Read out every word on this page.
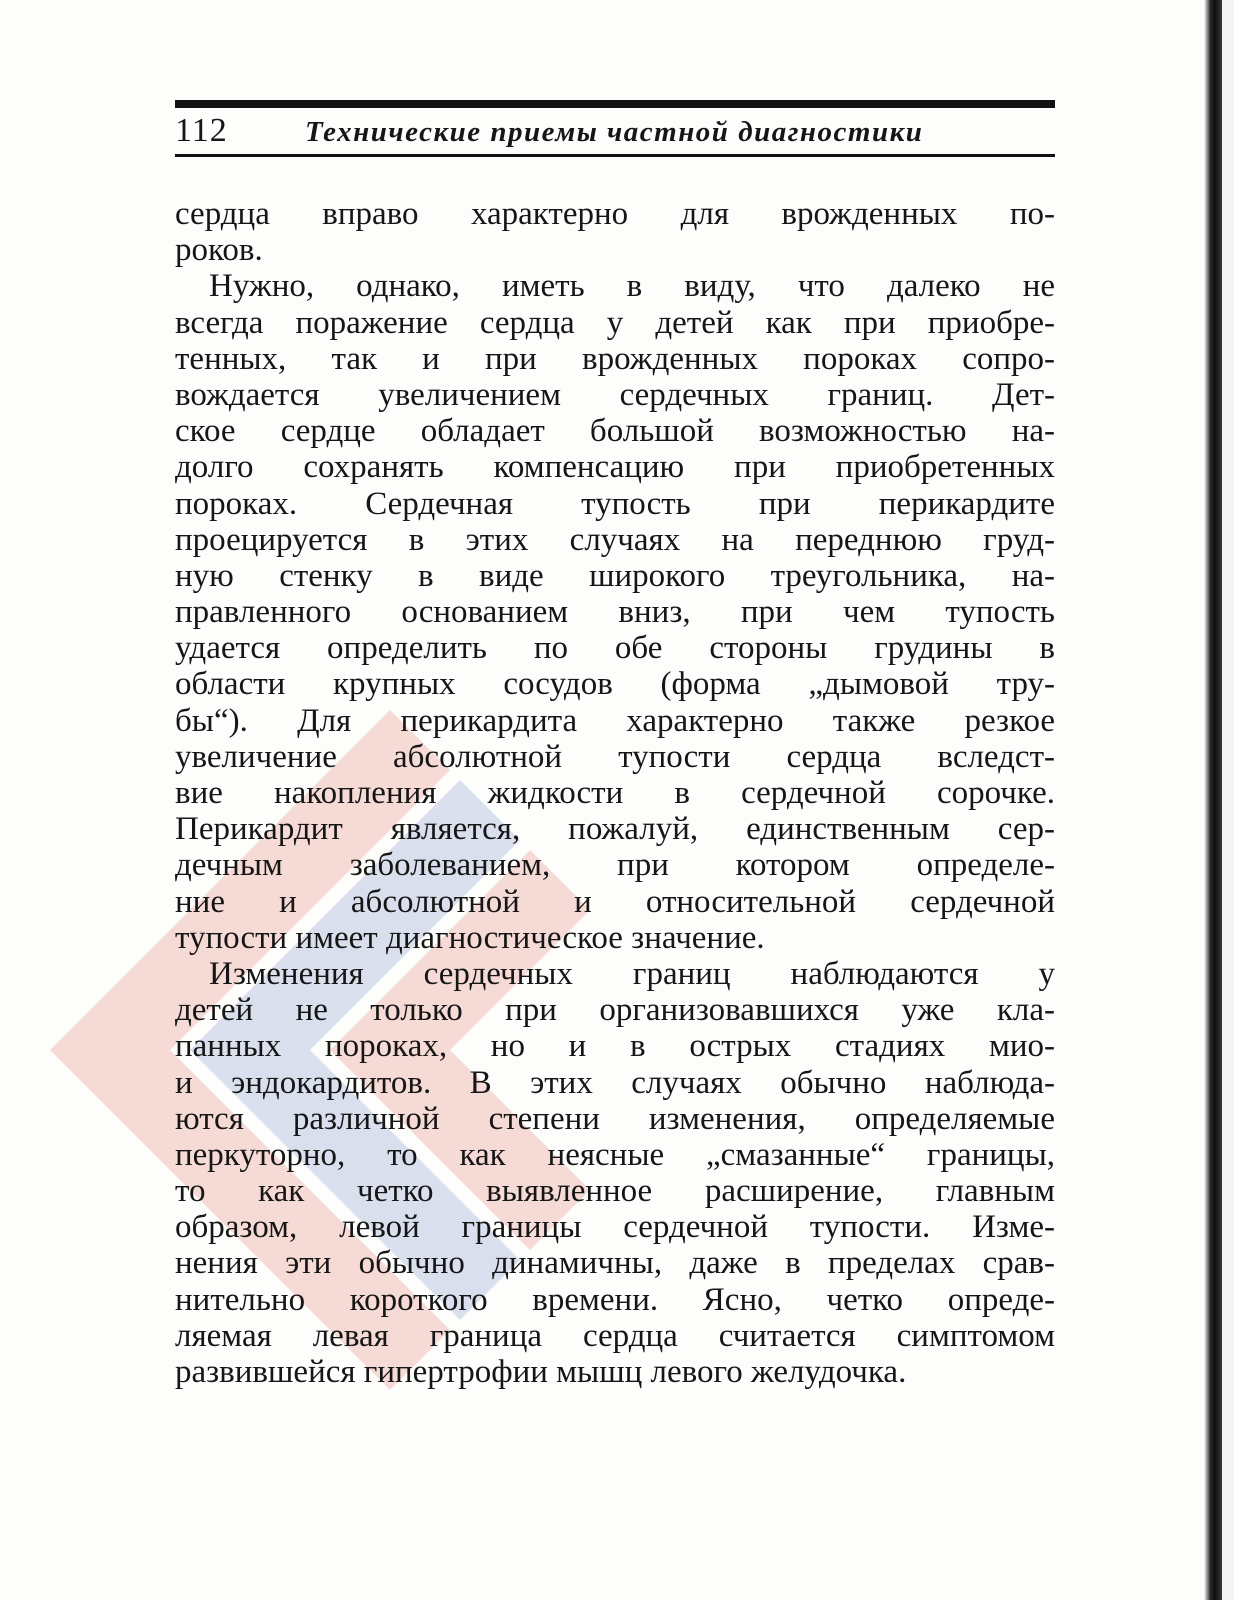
112	Технические приемы частной диагностики
сердца вправо характерно для врожденных по-
роков.
Нужно, однако, иметь в виду, что далеко не
всегда поражение сердца у детей как при приобре-
тенных, так и при врожденных пороках сопро-
вождается увеличением сердечных границ. Дет-
ское сердце обладает большой возможностью на-
долго сохранять компенсацию при приобретенных
пороках. Сердечная тупость при перикардите
проецируется в этих случаях на переднюю груд-
ную стенку в виде широкого треугольника, на-
правленного основанием вниз, при чем тупость
удается определить по обе стороны грудины в
области крупных сосудов (форма „дымовой тру-
бы“). Для перикардита характерно также резкое
увеличение абсолютной тупости сердца вследст-
вие накопления жидкости в сердечной сорочке.
Перикардит является, пожалуй, единственным сер-
дечным заболеванием, при котором определе-
ние и абсолютной и относительной сердечной
тупости имеет диагностическое значение.
Изменения сердечных границ наблюдаются у
детей не только при организовавшихся уже кла-
панных пороках, но и в острых стадиях мио-
и эндокардитов. В этих случаях обычно наблюда-
ются различной степени изменения, определяемые
перкуторно, то как неясные „смазанные“ границы,
то как четко выявленное расширение, главным
образом, левой границы сердечной тупости. Изме-
нения эти обычно динамичны, даже в пределах срав-
нительно короткого времени. Ясно, четко опреде-
ляемая левая граница сердца считается симптомом
развившейся гипертрофии мышц левого желудочка.
